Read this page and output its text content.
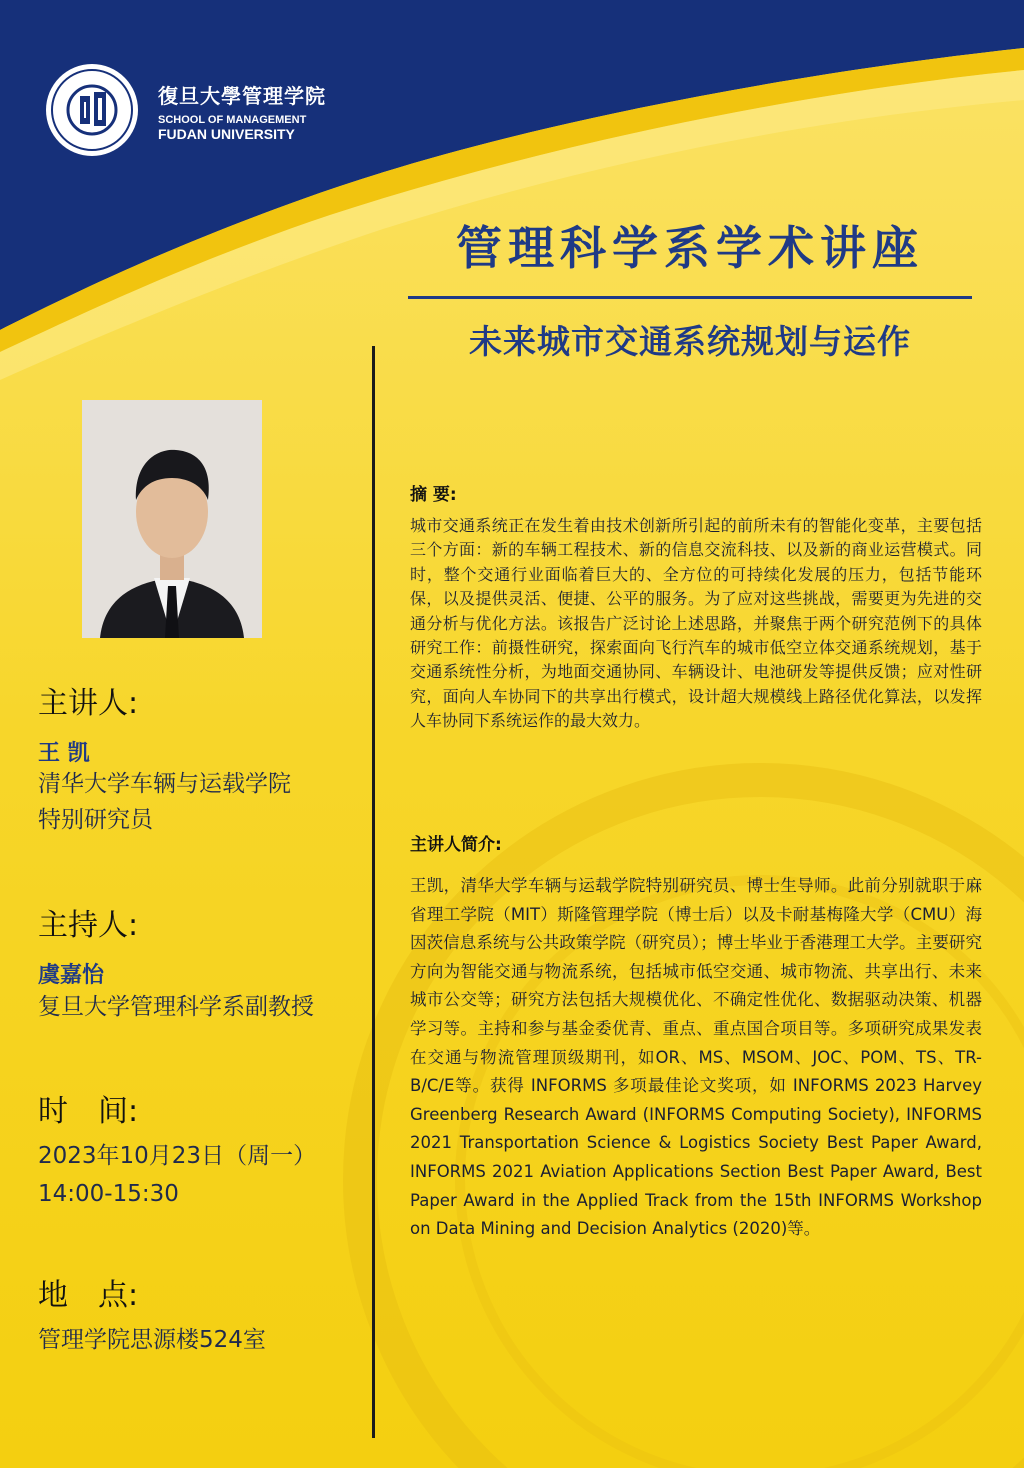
復旦大學管理学院
SCHOOL OF MANAGEMENT
FUDAN UNIVERSITY
管理科学系学术讲座
未来城市交通系统规划与运作
主讲人:
王 凯
清华大学车辆与运载学院
特别研究员
主持人:
虞嘉怡
复旦大学管理科学系副教授
时　间:
2023年10月23日（周一）
14:00-15:30
地　点:
管理学院思源楼524室
摘 要:
城市交通系统正在发生着由技术创新所引起的前所未有的智能化变革，主要包括三个方面：新的车辆工程技术、新的信息交流科技、以及新的商业运营模式。同时，整个交通行业面临着巨大的、全方位的可持续化发展的压力，包括节能环保，以及提供灵活、便捷、公平的服务。为了应对这些挑战，需要更为先进的交通分析与优化方法。该报告广泛讨论上述思路，并聚焦于两个研究范例下的具体研究工作：前摄性研究，探索面向飞行汽车的城市低空立体交通系统规划，基于交通系统性分析，为地面交通协同、车辆设计、电池研发等提供反馈；应对性研究，面向人车协同下的共享出行模式，设计超大规模线上路径优化算法，以发挥人车协同下系统运作的最大效力。
主讲人简介:
王凯，清华大学车辆与运载学院特别研究员、博士生导师。此前分别就职于麻省理工学院（MIT）斯隆管理学院（博士后）以及卡耐基梅隆大学（CMU）海因茨信息系统与公共政策学院（研究员）；博士毕业于香港理工大学。主要研究方向为智能交通与物流系统，包括城市低空交通、城市物流、共享出行、未来城市公交等；研究方法包括大规模优化、不确定性优化、数据驱动决策、机器学习等。主持和参与基金委优青、重点、重点国合项目等。多项研究成果发表在交通与物流管理顶级期刊，如OR、MS、MSOM、JOC、POM、TS、TR-B/C/E等。获得 INFORMS 多项最佳论文奖项，如 INFORMS 2023 Harvey Greenberg Research Award (INFORMS Computing Society), INFORMS 2021 Transportation Science & Logistics Society Best Paper Award, INFORMS 2021 Aviation Applications Section Best Paper Award, Best Paper Award in the Applied Track from the 15th INFORMS Workshop on Data Mining and Decision Analytics (2020)等。
